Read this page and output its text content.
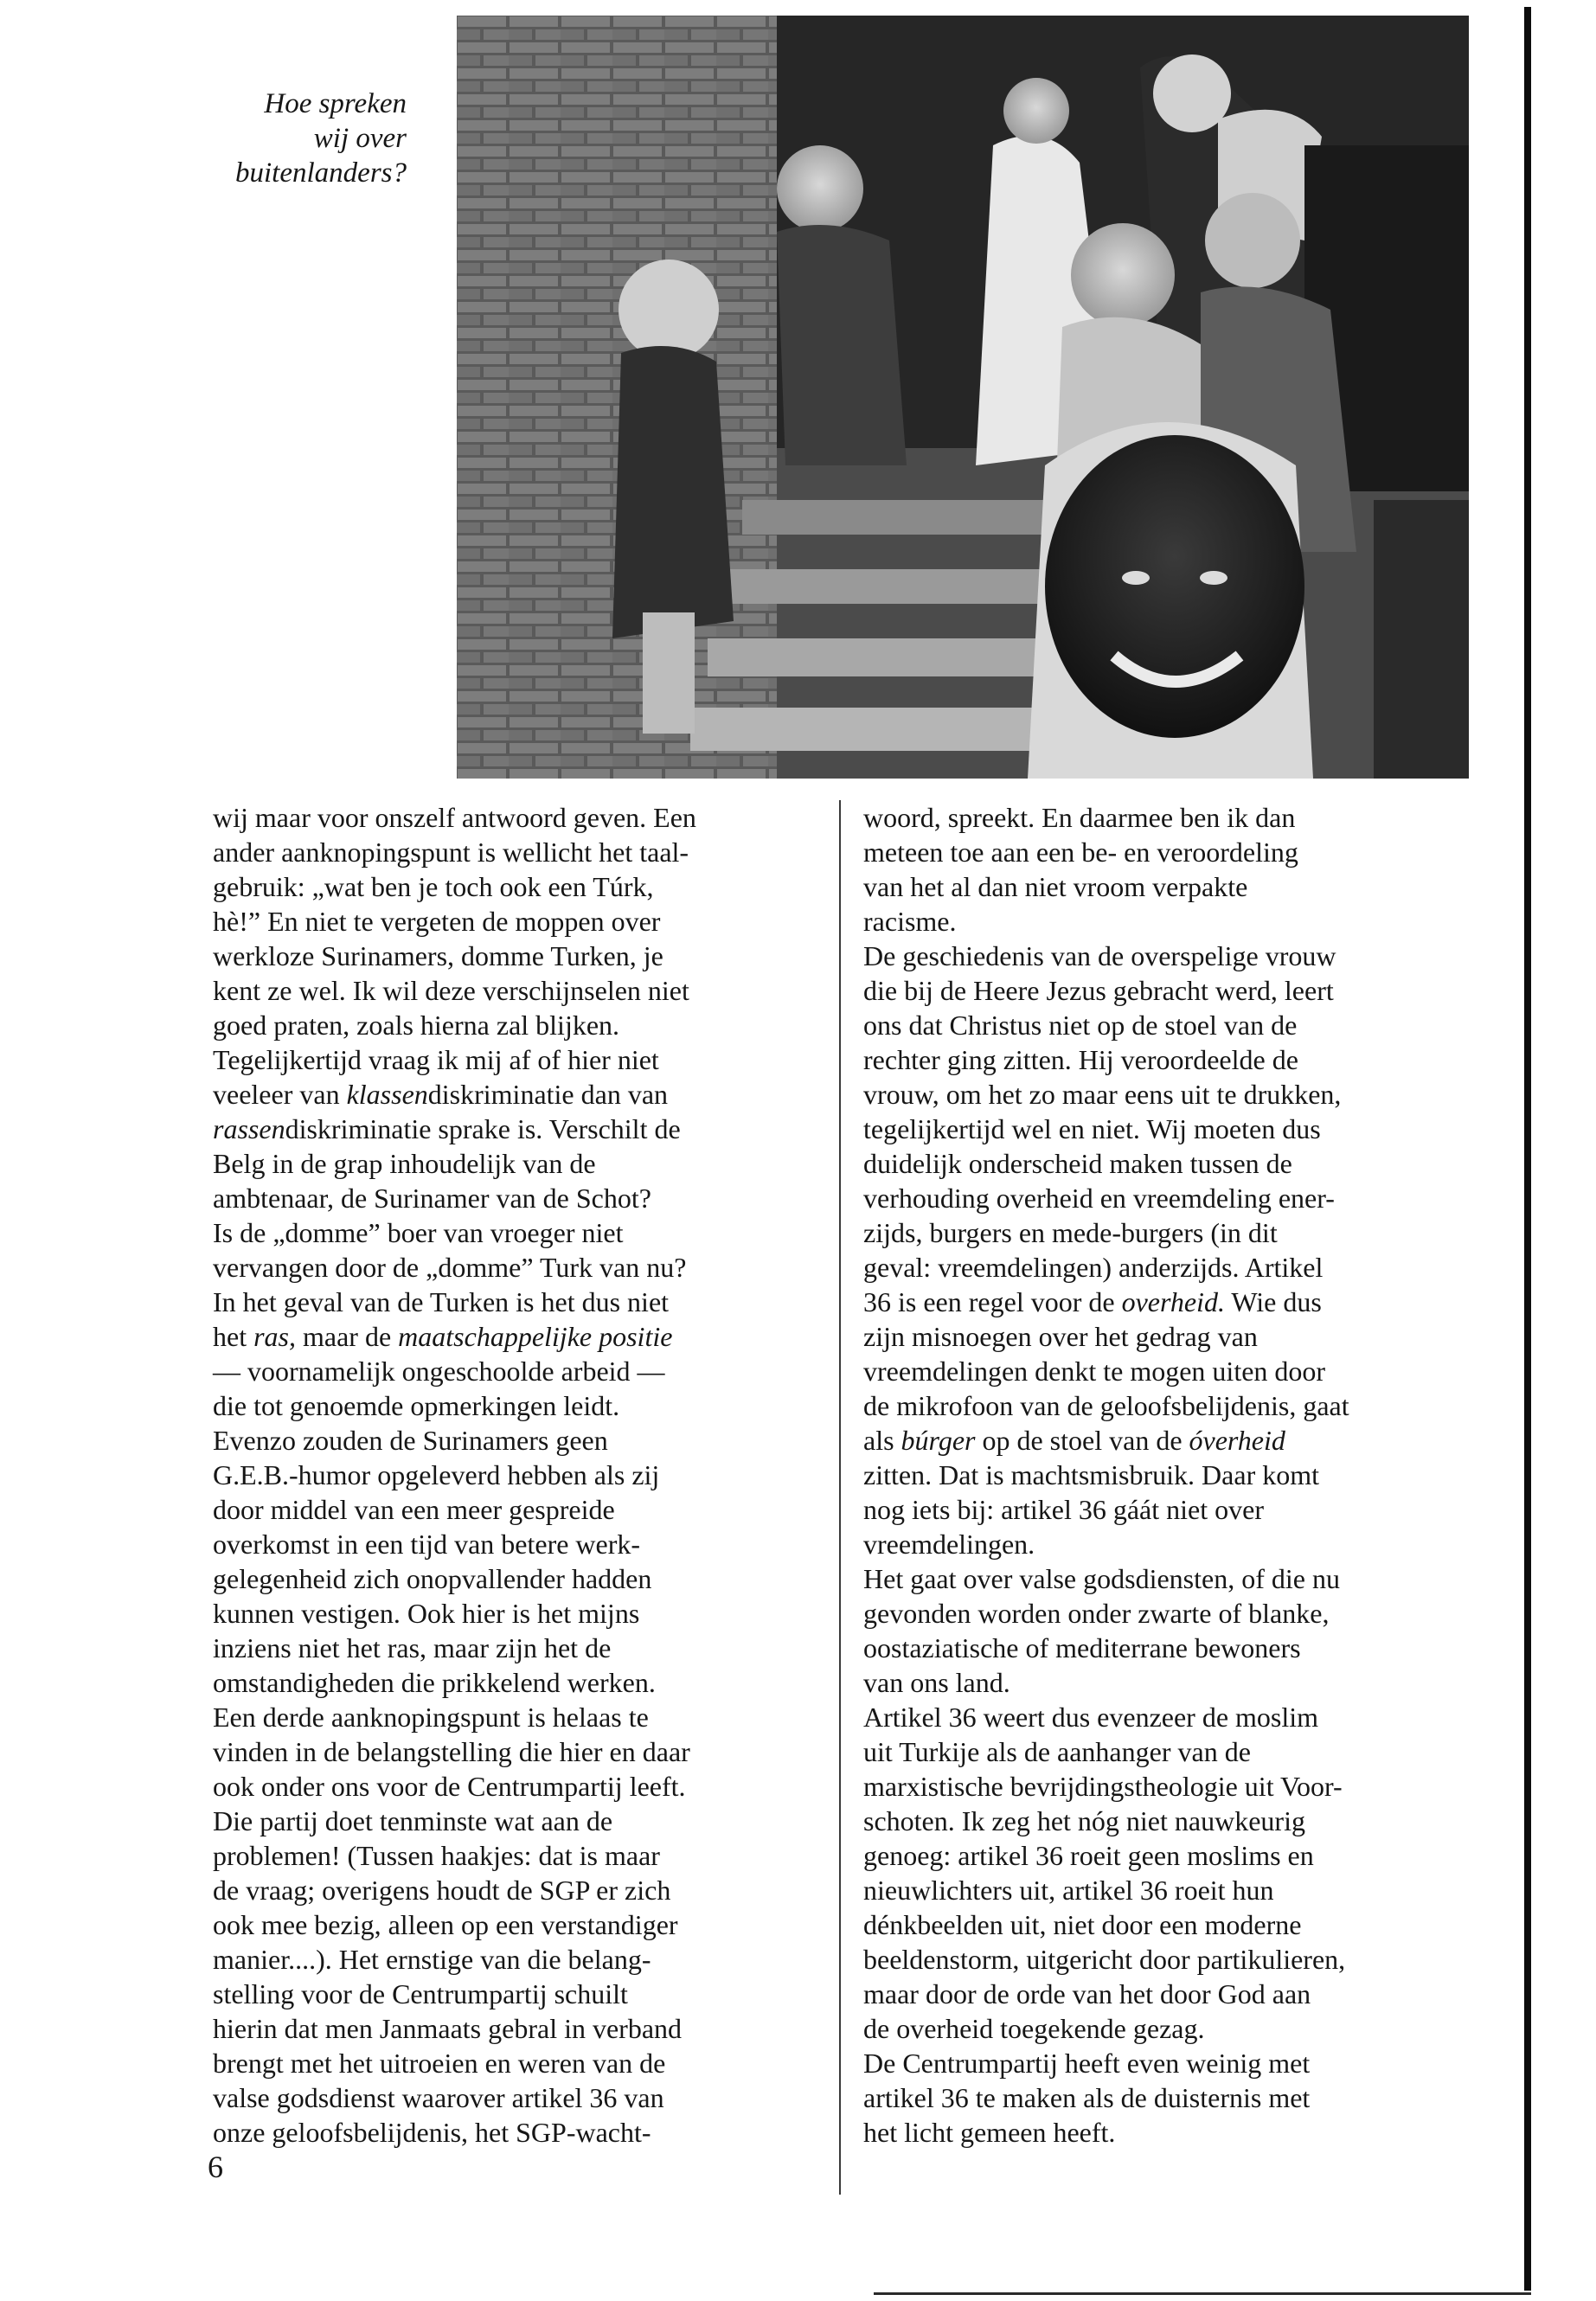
Hoe spreken
wij over
buitenlanders?
wij maar voor onszelf antwoord geven. Een
ander aanknopingspunt is wellicht het taal-
gebruik: „wat ben je toch ook een Túrk,
hè!” En niet te vergeten de moppen over
werkloze Surinamers, domme Turken, je
kent ze wel. Ik wil deze verschijnselen niet
goed praten, zoals hierna zal blijken.
Tegelijkertijd vraag ik mij af of hier niet
veeleer van klassendiskriminatie dan van
rassendiskriminatie sprake is. Verschilt de
Belg in de grap inhoudelijk van de
ambtenaar, de Surinamer van de Schot?
Is de „domme” boer van vroeger niet
vervangen door de „domme” Turk van nu?
In het geval van de Turken is het dus niet
het ras, maar de maatschappelijke positie
— voornamelijk ongeschoolde arbeid —
die tot genoemde opmerkingen leidt.
Evenzo zouden de Surinamers geen
G.E.B.-humor opgeleverd hebben als zij
door middel van een meer gespreide
overkomst in een tijd van betere werk-
gelegenheid zich onopvallender hadden
kunnen vestigen. Ook hier is het mijns
inziens niet het ras, maar zijn het de
omstandigheden die prikkelend werken.
Een derde aanknopingspunt is helaas te
vinden in de belangstelling die hier en daar
ook onder ons voor de Centrumpartij leeft.
Die partij doet tenminste wat aan de
problemen! (Tussen haakjes: dat is maar
de vraag; overigens houdt de SGP er zich
ook mee bezig, alleen op een verstandiger
manier....). Het ernstige van die belang-
stelling voor de Centrumpartij schuilt
hierin dat men Janmaats gebral in verband
brengt met het uitroeien en weren van de
valse godsdienst waarover artikel 36 van
onze geloofsbelijdenis, het SGP-wacht-
woord, spreekt. En daarmee ben ik dan
meteen toe aan een be- en veroordeling
van het al dan niet vroom verpakte
racisme.
De geschiedenis van de overspelige vrouw
die bij de Heere Jezus gebracht werd, leert
ons dat Christus niet op de stoel van de
rechter ging zitten. Hij veroordeelde de
vrouw, om het zo maar eens uit te drukken,
tegelijkertijd wel en niet. Wij moeten dus
duidelijk onderscheid maken tussen de
verhouding overheid en vreemdeling ener-
zijds, burgers en mede-burgers (in dit
geval: vreemdelingen) anderzijds. Artikel
36 is een regel voor de overheid. Wie dus
zijn misnoegen over het gedrag van
vreemdelingen denkt te mogen uiten door
de mikrofoon van de geloofsbelijdenis, gaat
als búrger op de stoel van de óverheid
zitten. Dat is machtsmisbruik. Daar komt
nog iets bij: artikel 36 gáát niet over
vreemdelingen.
Het gaat over valse godsdiensten, of die nu
gevonden worden onder zwarte of blanke,
oostaziatische of mediterrane bewoners
van ons land.
Artikel 36 weert dus evenzeer de moslim
uit Turkije als de aanhanger van de
marxistische bevrijdingstheologie uit Voor-
schoten. Ik zeg het nóg niet nauwkeurig
genoeg: artikel 36 roeit geen moslims en
nieuwlichters uit, artikel 36 roeit hun
dénkbeelden uit, niet door een moderne
beeldenstorm, uitgericht door partikulieren,
maar door de orde van het door God aan
de overheid toegekende gezag.
De Centrumpartij heeft even weinig met
artikel 36 te maken als de duisternis met
het licht gemeen heeft.
6
